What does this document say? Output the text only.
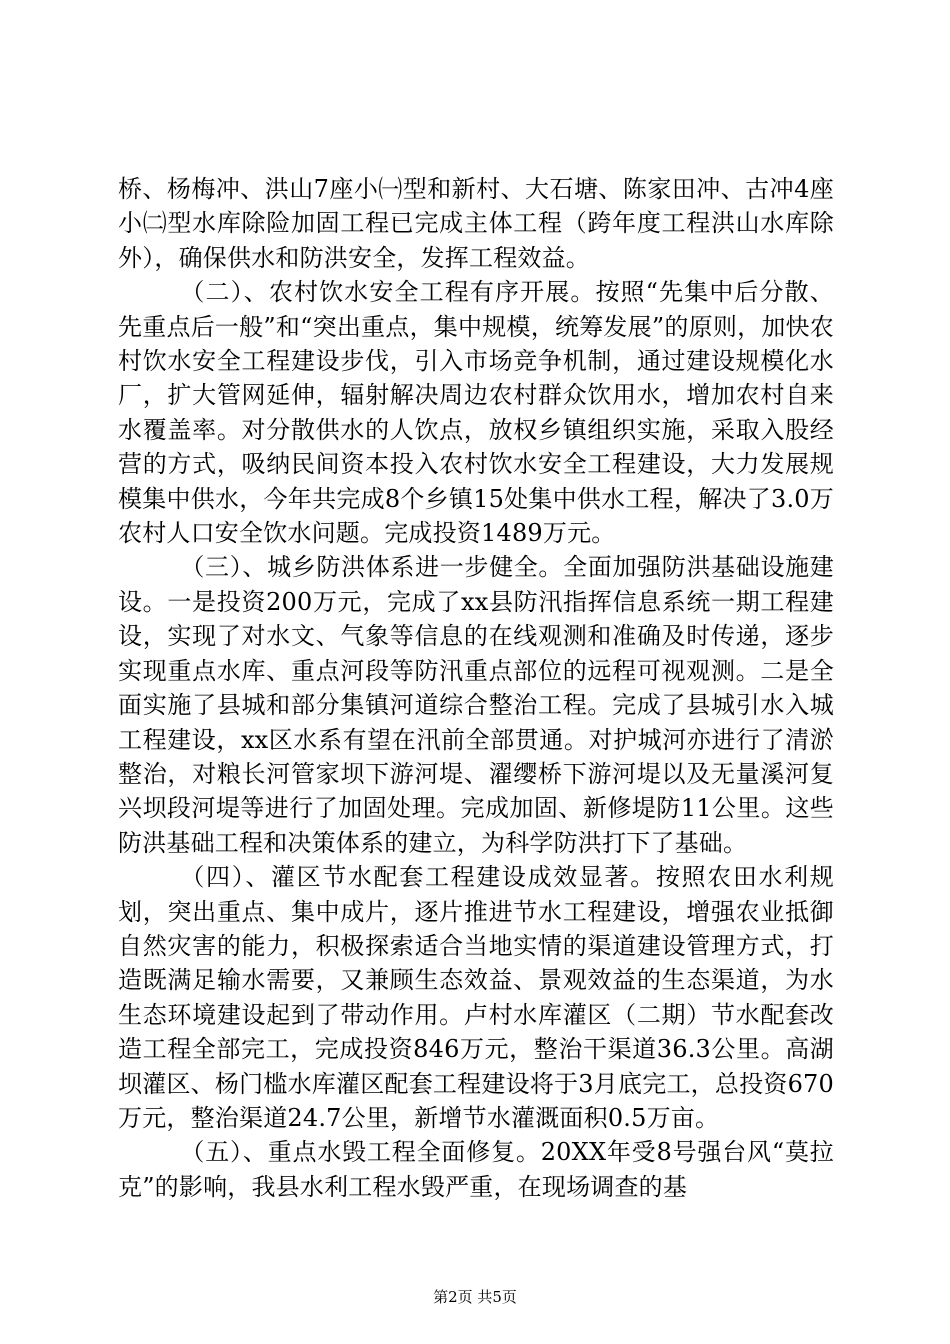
桥、杨梅冲、洪山7座小㈠型和新村、大石塘、陈家田冲、古冲4座小㈡型水库除险加固工程已完成主体工程（跨年度工程洪山水库除外），确保供水和防洪安全，发挥工程效益。

（二）、农村饮水安全工程有序开展。按照“先集中后分散、先重点后一般”和“突出重点，集中规模，统筹发展”的原则，加快农村饮水安全工程建设步伐，引入市场竞争机制，通过建设规模化水厂，扩大管网延伸，辐射解决周边农村群众饮用水，增加农村自来水覆盖率。对分散供水的人饮点，放权乡镇组织实施，采取入股经营的方式，吸纳民间资本投入农村饮水安全工程建设，大力发展规模集中供水，今年共完成8个乡镇15处集中供水工程，解决了3.0万农村人口安全饮水问题。完成投资1489万元。

（三）、城乡防洪体系进一步健全。全面加强防洪基础设施建设。一是投资200万元，完成了xx县防汛指挥信息系统一期工程建设，实现了对水文、气象等信息的在线观测和准确及时传递，逐步实现重点水库、重点河段等防汛重点部位的远程可视观测。二是全面实施了县城和部分集镇河道综合整治工程。完成了县城引水入城工程建设，xx区水系有望在汛前全部贯通。对护城河亦进行了清淤整治，对粮长河管家坝下游河堤、濯缨桥下游河堤以及无量溪河复兴坝段河堤等进行了加固处理。完成加固、新修堤防11公里。这些防洪基础工程和决策体系的建立，为科学防洪打下了基础。

（四）、灌区节水配套工程建设成效显著。按照农田水利规划，突出重点、集中成片，逐片推进节水工程建设，增强农业抵御自然灾害的能力，积极探索适合当地实情的渠道建设管理方式，打造既满足输水需要，又兼顾生态效益、景观效益的生态渠道，为水生态环境建设起到了带动作用。卢村水库灌区（二期）节水配套改造工程全部完工，完成投资846万元，整治干渠道36.3公里。高湖坝灌区、杨门槛水库灌区配套工程建设将于3月底完工，总投资670万元，整治渠道24.7公里，新增节水灌溉面积0.5万亩。

（五）、重点水毁工程全面修复。20XX年受8号强台风“莫拉克”的影响，我县水利工程水毁严重，在现场调查的基

第2页 共5页
